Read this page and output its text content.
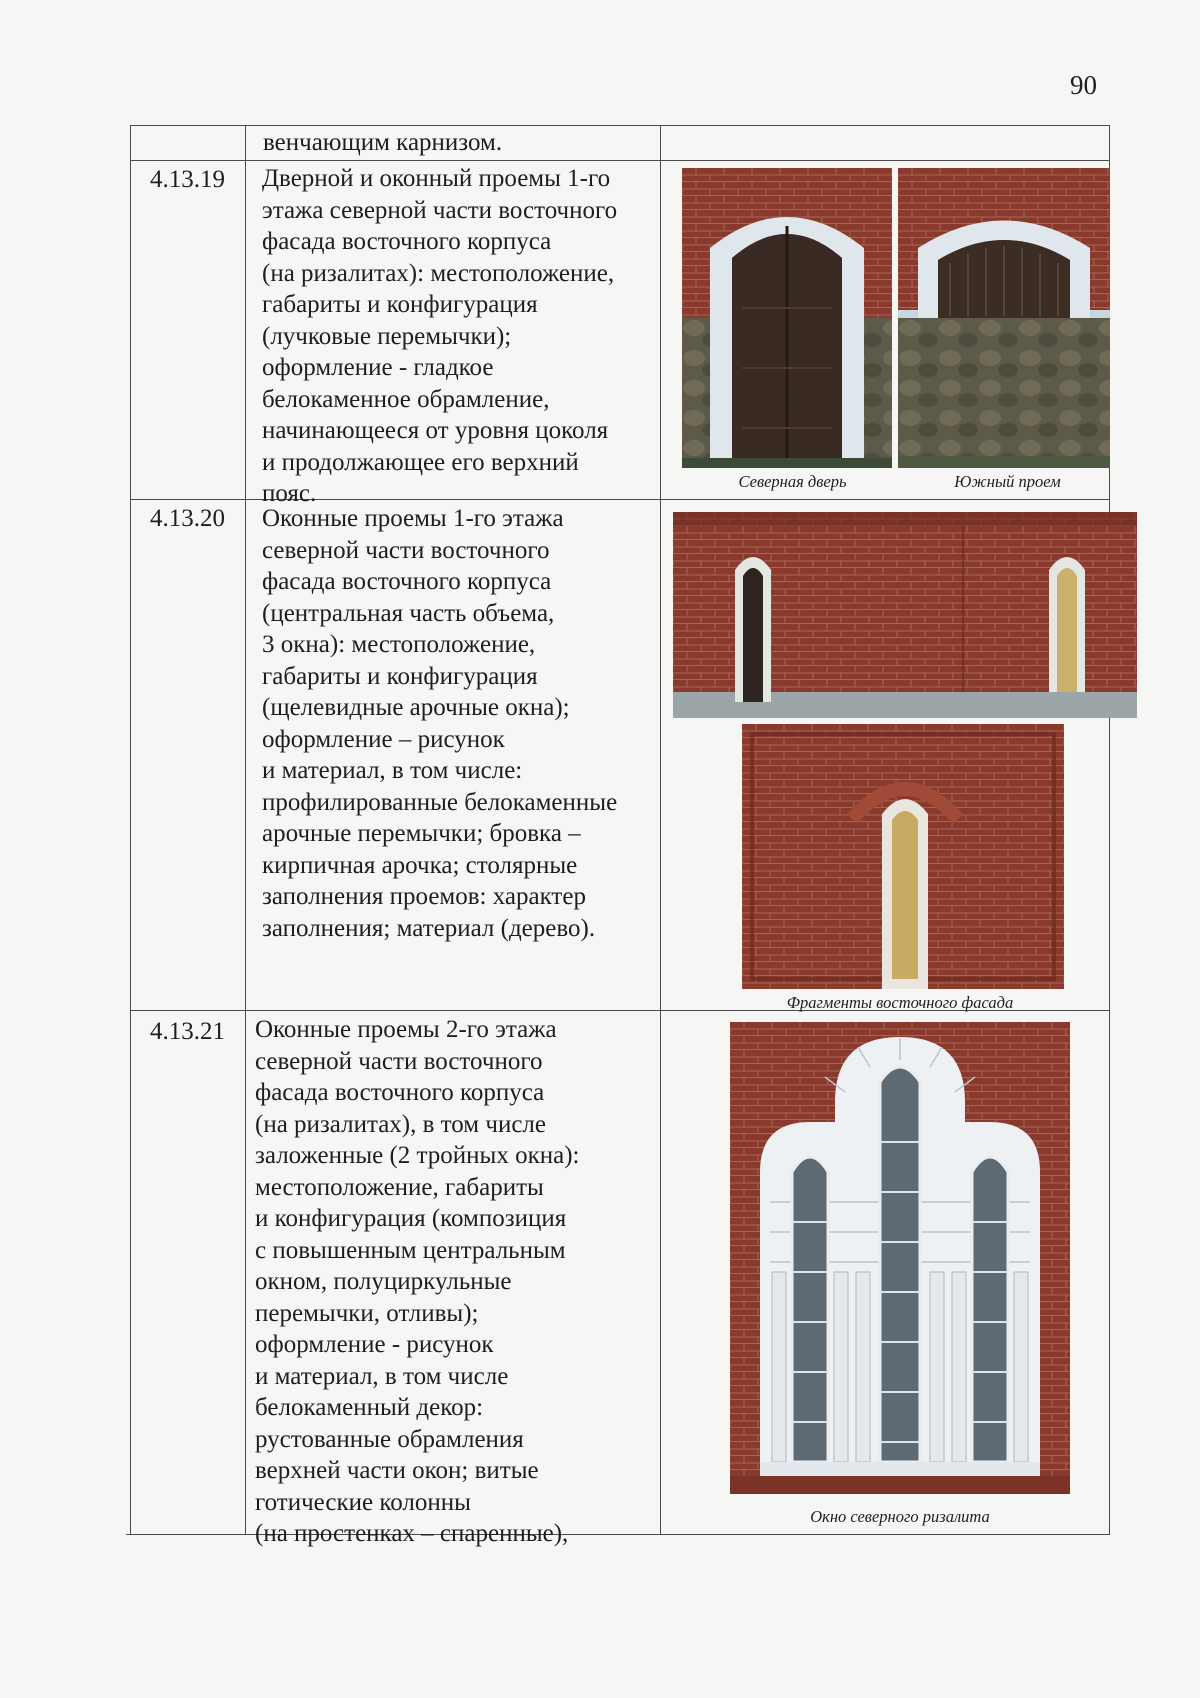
90
венчающим карнизом.
4.13.19 Дверной и оконный проемы 1-го
этажа северной части восточного
фасада восточного корпуса
(на ризалитах): местоположение,
габариты и конфигурация
(лучковые перемычки);
оформление - гладкое
белокаменное обрамление,
начинающееся от уровня цоколя
и продолжающее его верхний
пояс.	Северная дверь	Южный проем
4.13.20 Оконные проемы 1-го этажа
северной части восточного
фасада восточного корпуса
(центральная часть объема,
3 окна): местоположение,
габариты и конфигурация
(щелевидные арочные окна);
оформление – рисунок
и материал, в том числе:
профилированные белокаменные
арочные перемычки; бровка –
кирпичная арочка; столярные
заполнения проемов: характер
заполнения; материал (дерево).
Фрагменты восточного фасада
4.13.21 Оконные проемы 2-го этажа
северной части восточного
фасада восточного корпуса
(на ризалитах), в том числе
заложенные (2 тройных окна):
местоположение, габариты
и конфигурация (композиция
с повышенным центральным
окном, полуциркульные
перемычки, отливы);
оформление - рисунок
и материал, в том числе
белокаменный декор:
рустованные обрамления
верхней части окон; витые
готические колонны
(на простенках – спаренные),
Окно северного ризалита
